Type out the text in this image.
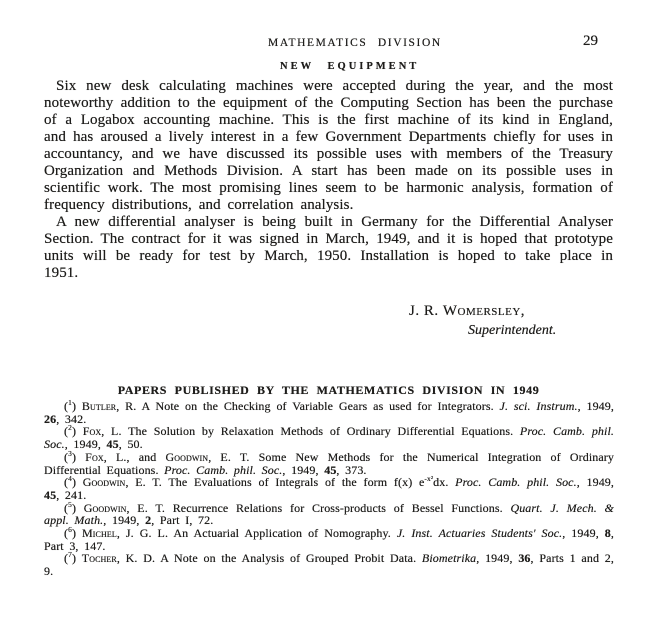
MATHEMATICS DIVISION	29
NEW EQUIPMENT

Six new desk calculating machines were accepted during the year, and the most noteworthy addition to the equipment of the Computing Section has been the purchase of a Logabox accounting machine. This is the first machine of its kind in England, and has aroused a lively interest in a few Government Departments chiefly for uses in accountancy, and we have discussed its possible uses with members of the Treasury Organization and Methods Division. A start has been made on its possible uses in scientific work. The most promising lines seem to be harmonic analysis, formation of frequency distributions, and correlation analysis.

A new differential analyser is being built in Germany for the Differential Analyser Section. The contract for it was signed in March, 1949, and it is hoped that prototype units will be ready for test by March, 1950. Installation is hoped to take place in 1951.

J. R. Womersley,
Superintendent.
PAPERS PUBLISHED BY THE MATHEMATICS DIVISION IN 1949

($^1$) Butler, R. A Note on the Checking of Variable Gears as used for Integrators. J. sci. Instrum., 1949, 26, 342.

($^2$) Fox, L. The Solution by Relaxation Methods of Ordinary Differential Equations. Proc. Camb. phil. Soc., 1949, 45, 50.

($^3$) Fox, L., and Goodwin, E. T. Some New Methods for the Numerical Integration of Ordinary Differential Equations. Proc. Camb. phil. Soc., 1949, 45, 373.

($^4$) Goodwin, E. T. The Evaluations of Integrals of the form f(x) $e^{-x^2}dx$. Proc. Camb. phil. Soc., 1949, 45, 241.

($^5$) Goodwin, E. T. Recurrence Relations for Cross-products of Bessel Functions. Quart. J. Mech. & appl. Math., 1949, 2, Part I, 72.

($^6$) Michel, J. G. L. An Actuarial Application of Nomography. J. Inst. Actuaries Students' Soc., 1949, 8, Part 3, 147.

($^7$) Tocher, K. D. A Note on the Analysis of Grouped Probit Data. Biometrika, 1949, 36, Parts 1 and 2, 9.
